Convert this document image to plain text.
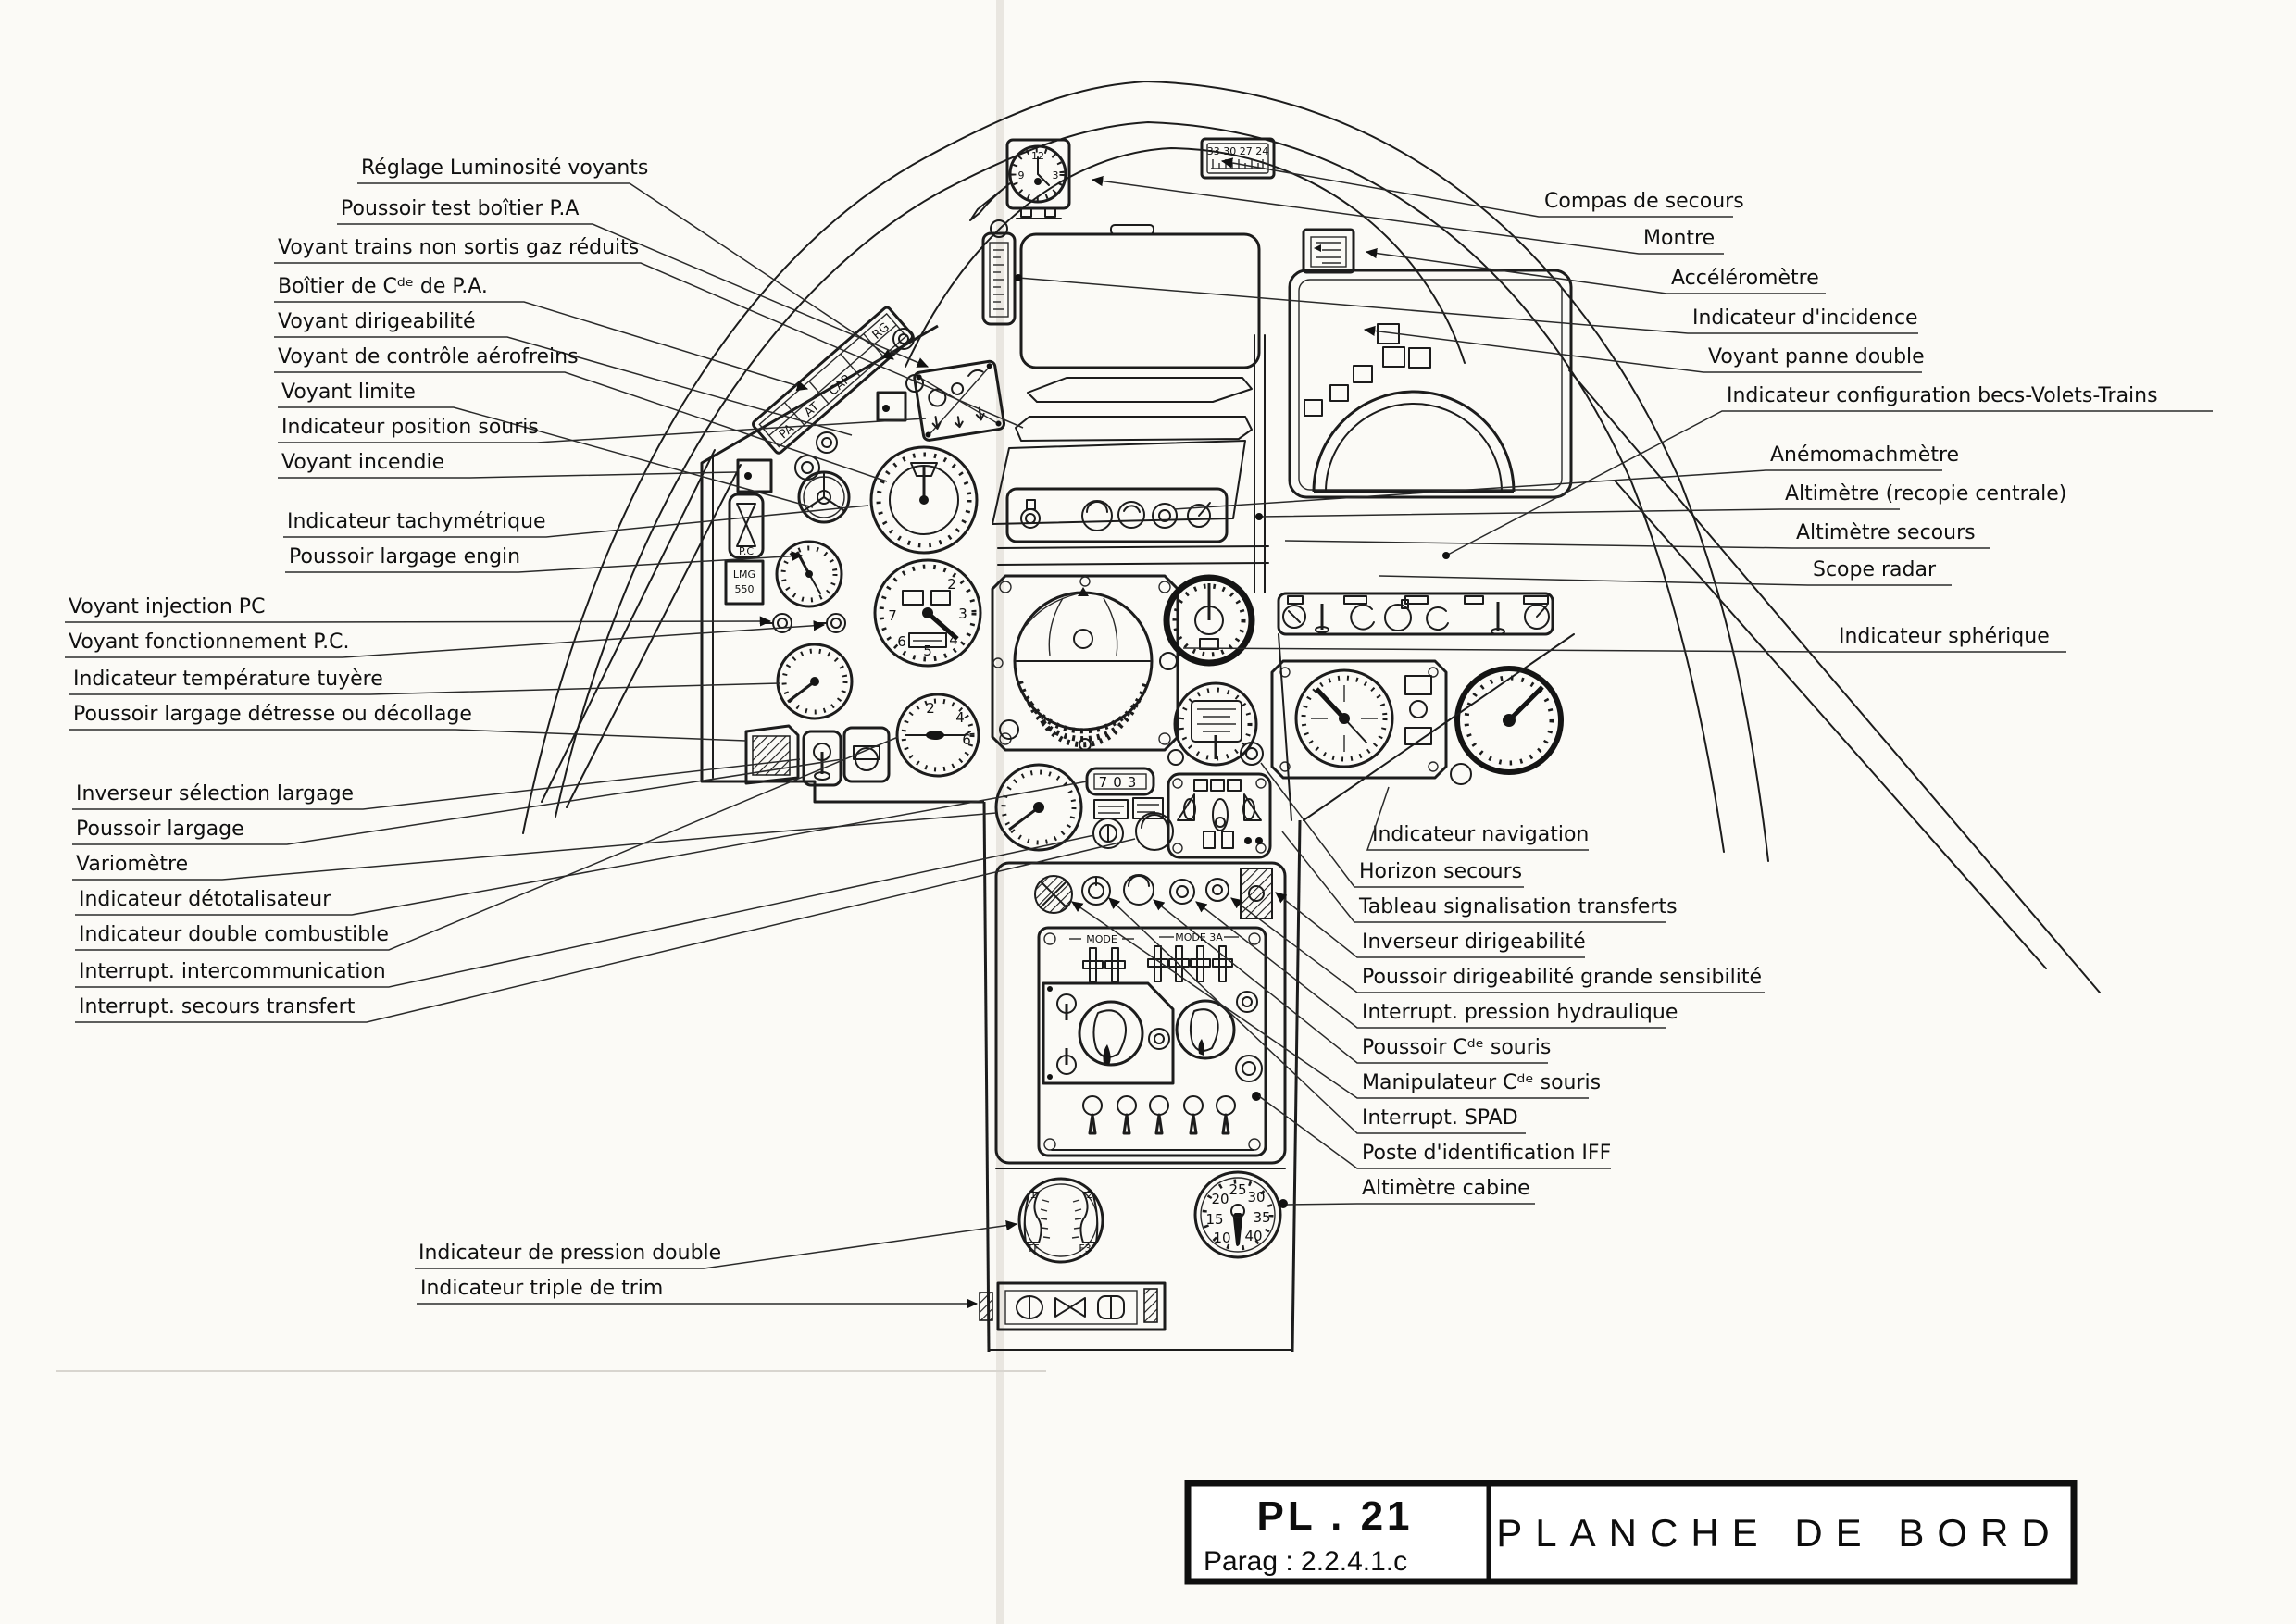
12
3
9
33 30 27 24
PA
AT
CAP
RG
P.C
LMG
550	2
3
4
5
6
7
2
4
6
703
MODE	MODE 3A
1	2
TF	F3
25 30
35
40
10
15
20
Réglage Luminosité voyants
Poussoir test boîtier P.A
Voyant trains non sortis gaz réduits
Boîtier de Cᵈᵉ de P.A.
Voyant dirigeabilité
Voyant de contrôle aérofreins
Voyant limite
Indicateur position souris
Voyant incendie
Indicateur tachymétrique
Poussoir largage engin
Voyant injection PC
Voyant fonctionnement P.C.
Indicateur température tuyère
Poussoir largage détresse ou décollage
Inverseur sélection largage
Poussoir largage
Variomètre
Indicateur détotalisateur
Indicateur double combustible
Interrupt. intercommunication
Interrupt. secours transfert
Indicateur de pression double
Indicateur triple de trim
Compas de secours
Montre
Accéléromètre
Indicateur d'incidence
Voyant panne double
Indicateur configuration becs-Volets-Trains
Anémomachmètre
Altimètre (recopie centrale)
Altimètre secours
Scope radar
Indicateur sphérique
Indicateur navigation
Horizon secours
Tableau signalisation transferts
Inverseur dirigeabilité
Poussoir dirigeabilité grande sensibilité
Interrupt. pression hydraulique
Poussoir Cᵈᵉ souris
Manipulateur Cᵈᵉ souris
Interrupt. SPAD
Poste d'identification IFF
Altimètre cabine
PL . 21
Parag : 2.2.4.1.c
PLANCHE DE BORD
